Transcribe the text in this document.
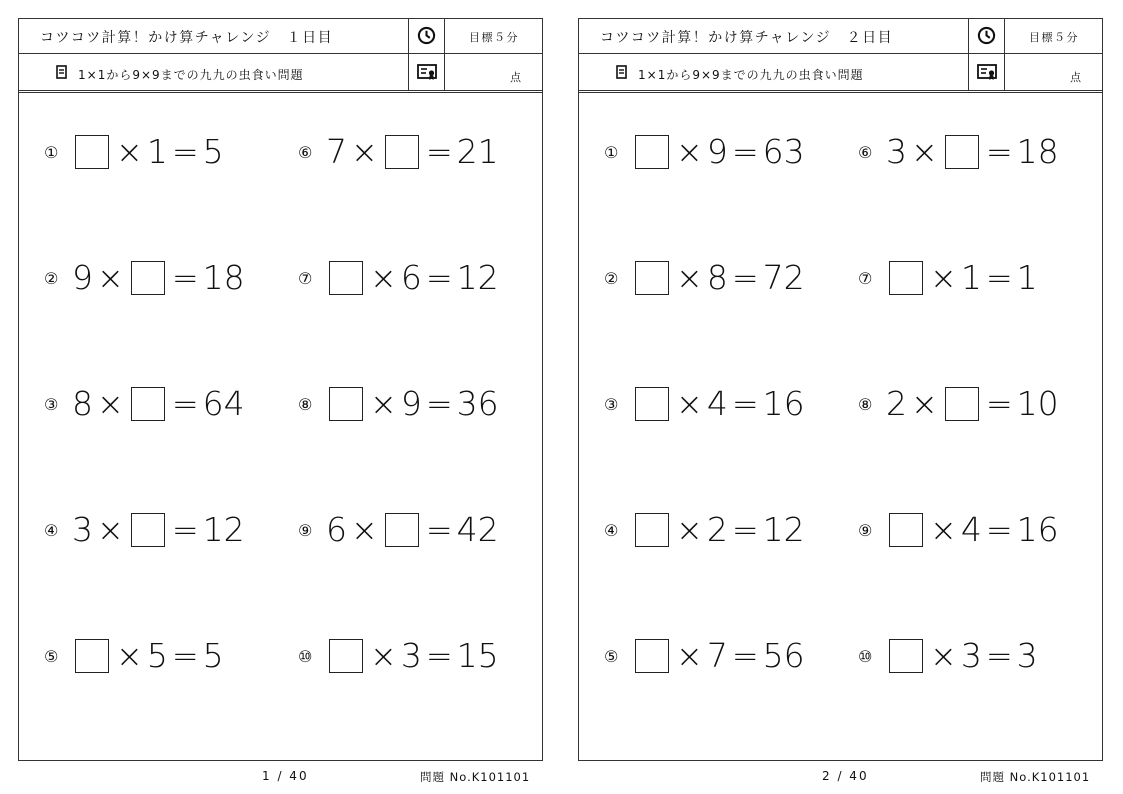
コツコツ計算！かけ算チャレンジ　１日目	目標５分
1×1から9×9までの九九の虫食い問題	点
①	× 1 = 5
② 9 × = 18
③ 8 × = 64
④ 3 × = 12
⑤	× 5 = 5
⑥ 7 × = 21
⑦	× 6 = 12
⑧	× 9 = 36
⑨ 6 × = 42
⑩	× 3 = 15
1 / 40	問題 No.K101101
コツコツ計算！かけ算チャレンジ　２日目	目標５分
1×1から9×9までの九九の虫食い問題	点
①	× 9 = 63
②	× 8 = 72
③	× 4 = 16
④	× 2 = 12
⑤	× 7 = 56
⑥ 3 × = 18
⑦	× 1 = 1
⑧ 2 × = 10
⑨	× 4 = 16
⑩	× 3 = 3
2 / 40	問題 No.K101101
